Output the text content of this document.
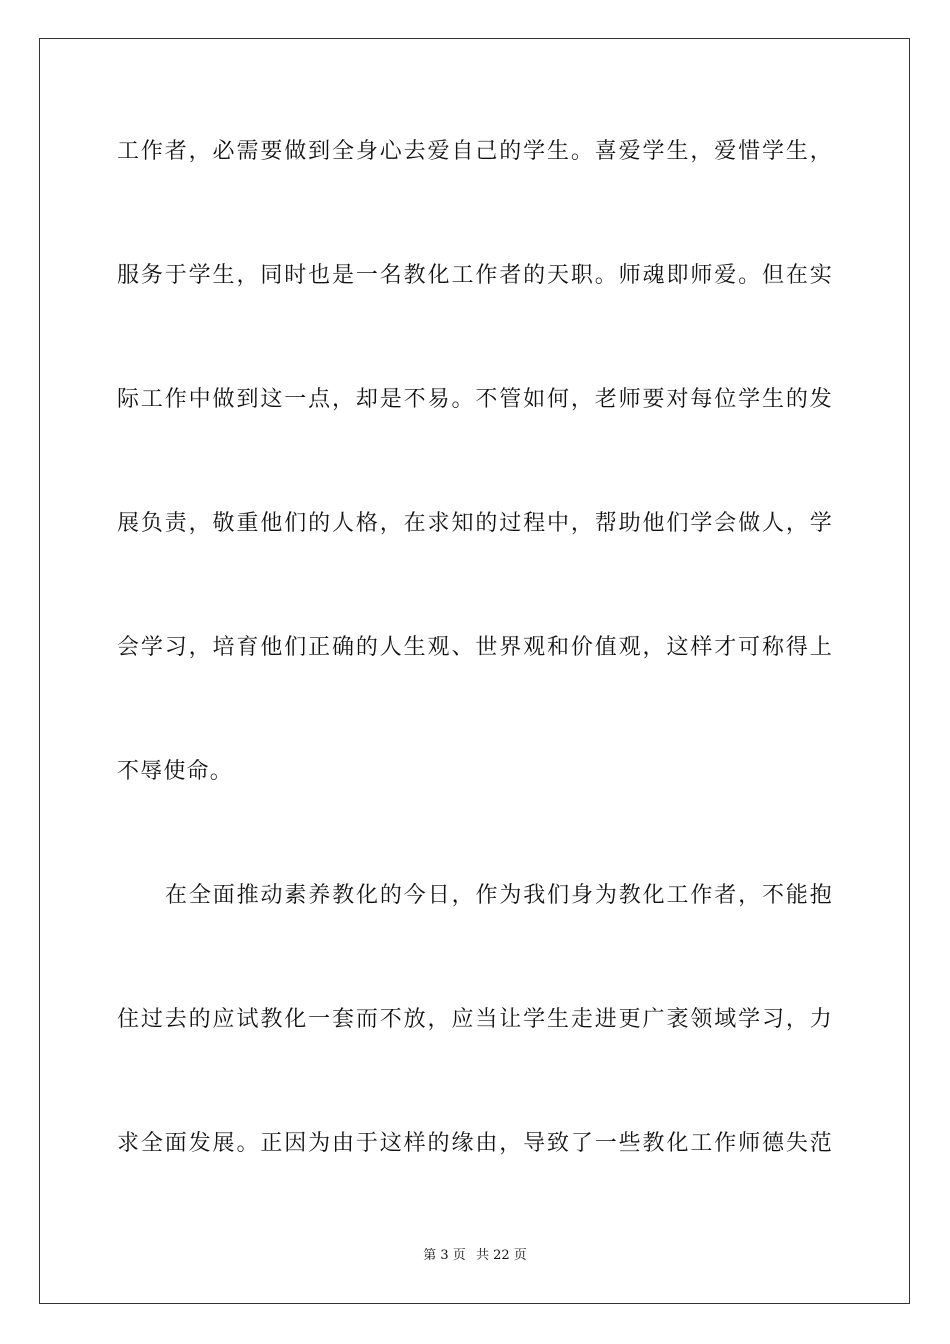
工作者，必需要做到全身心去爱自己的学生。喜爱学生，爱惜学生，
服务于学生，同时也是一名教化工作者的天职。师魂即师爱。但在实
际工作中做到这一点，却是不易。不管如何，老师要对每位学生的发
展负责，敬重他们的人格，在求知的过程中，帮助他们学会做人，学
会学习，培育他们正确的人生观、世界观和价值观，这样才可称得上
不辱使命。
在全面推动素养教化的今日，作为我们身为教化工作者，不能抱
住过去的应试教化一套而不放，应当让学生走进更广袤领域学习，力
求全面发展。正因为由于这样的缘由，导致了一些教化工作师德失范
第 3 页 共 22 页
